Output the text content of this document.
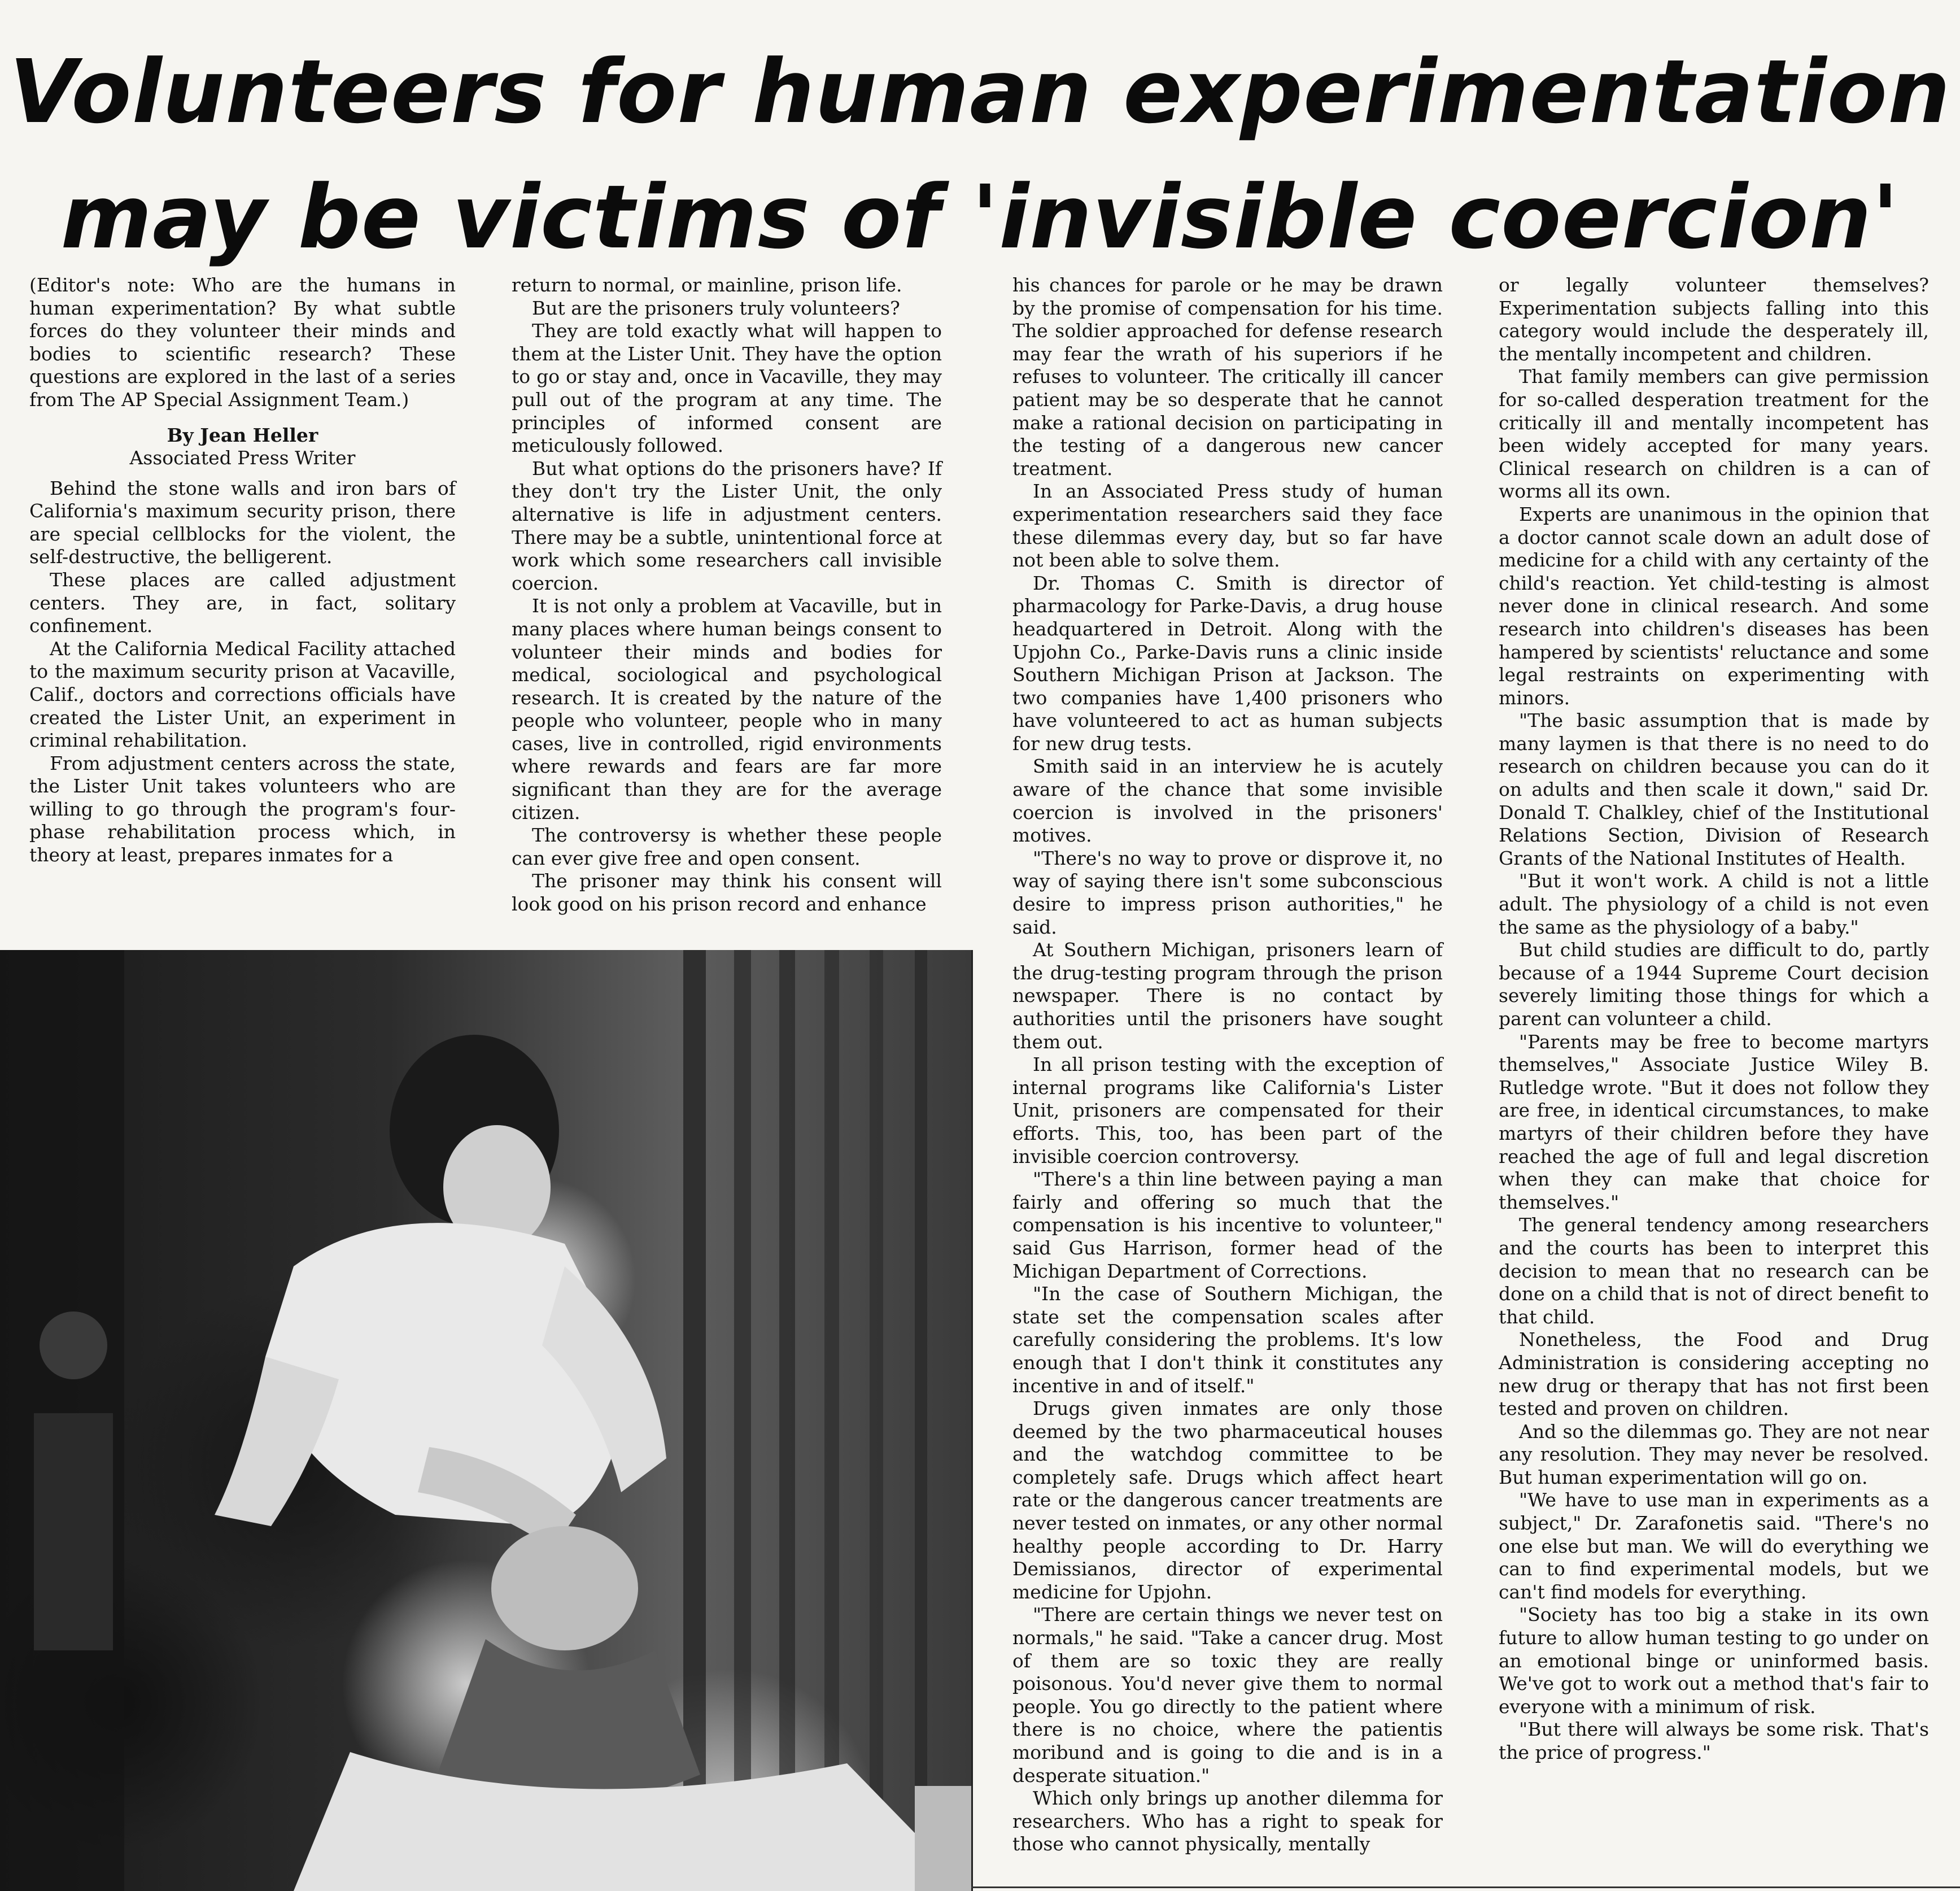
Volunteers for human experimentation
may be victims of 'invisible coercion'

(Editor's note: Who are the humans in human experimentation? By what subtle forces do they volunteer their minds and bodies to scientific research? These questions are explored in the last of a series from The AP Special Assignment Team.)

By Jean Heller
Associated Press Writer

Behind the stone walls and iron bars of California's maximum security prison, there are special cellblocks for the violent, the self-destructive, the belligerent.

These places are called adjustment centers. They are, in fact, solitary confinement.

At the California Medical Facility attached to the maximum security prison at Vacaville, Calif., doctors and corrections officials have created the Lister Unit, an experiment in criminal rehabilitation.

From adjustment centers across the state, the Lister Unit takes volunteers who are willing to go through the program's four-phase rehabilitation process which, in theory at least, prepares inmates for a

return to normal, or mainline, prison life.

But are the prisoners truly volunteers?

They are told exactly what will happen to them at the Lister Unit. They have the option to go or stay and, once in Vacaville, they may pull out of the program at any time. The principles of informed consent are meticulously followed.

But what options do the prisoners have? If they don't try the Lister Unit, the only alternative is life in adjustment centers. There may be a subtle, unintentional force at work which some researchers call invisible coercion.

It is not only a problem at Vacaville, but in many places where human beings consent to volunteer their minds and bodies for medical, sociological and psychological research. It is created by the nature of the people who volunteer, people who in many cases, live in controlled, rigid environments where rewards and fears are far more significant than they are for the average citizen.

The controversy is whether these people can ever give free and open consent.

The prisoner may think his consent will look good on his prison record and enhance

his chances for parole or he may be drawn by the promise of compensation for his time. The soldier approached for defense research may fear the wrath of his superiors if he refuses to volunteer. The critically ill cancer patient may be so desperate that he cannot make a rational decision on participating in the testing of a dangerous new cancer treatment.

In an Associated Press study of human experimentation researchers said they face these dilemmas every day, but so far have not been able to solve them.

Dr. Thomas C. Smith is director of pharmacology for Parke-Davis, a drug house headquartered in Detroit. Along with the Upjohn Co., Parke-Davis runs a clinic inside Southern Michigan Prison at Jackson. The two companies have 1,400 prisoners who have volunteered to act as human subjects for new drug tests.

Smith said in an interview he is acutely aware of the chance that some invisible coercion is involved in the prisoners' motives.

"There's no way to prove or disprove it, no way of saying there isn't some subconscious desire to impress prison authorities," he said.

At Southern Michigan, prisoners learn of the drug-testing program through the prison newspaper. There is no contact by authorities until the prisoners have sought them out.

In all prison testing with the exception of internal programs like California's Lister Unit, prisoners are compensated for their efforts. This, too, has been part of the invisible coercion controversy.

"There's a thin line between paying a man fairly and offering so much that the compensation is his incentive to volunteer," said Gus Harrison, former head of the Michigan Department of Corrections.

"In the case of Southern Michigan, the state set the compensation scales after carefully considering the problems. It's low enough that I don't think it constitutes any incentive in and of itself."

Drugs given inmates are only those deemed by the two pharmaceutical houses and the watchdog committee to be completely safe. Drugs which affect heart rate or the dangerous cancer treatments are never tested on inmates, or any other normal healthy people according to Dr. Harry Demissianos, director of experimental medicine for Upjohn.

"There are certain things we never test on normals," he said. "Take a cancer drug. Most of them are so toxic they are really poisonous. You'd never give them to normal people. You go directly to the patient where there is no choice, where the patientis moribund and is going to die and is in a desperate situation."

Which only brings up another dilemma for researchers. Who has a right to speak for those who cannot physically, mentally

or legally volunteer themselves? Experimentation subjects falling into this category would include the desperately ill, the mentally incompetent and children.

That family members can give permission for so-called desperation treatment for the critically ill and mentally incompetent has been widely accepted for many years. Clinical research on children is a can of worms all its own.

Experts are unanimous in the opinion that a doctor cannot scale down an adult dose of medicine for a child with any certainty of the child's reaction. Yet child-testing is almost never done in clinical research. And some research into children's diseases has been hampered by scientists' reluctance and some legal restraints on experimenting with minors.

"The basic assumption that is made by many laymen is that there is no need to do research on children because you can do it on adults and then scale it down," said Dr. Donald T. Chalkley, chief of the Institutional Relations Section, Division of Research Grants of the National Institutes of Health.

"But it won't work. A child is not a little adult. The physiology of a child is not even the same as the physiology of a baby."

But child studies are difficult to do, partly because of a 1944 Supreme Court decision severely limiting those things for which a parent can volunteer a child.

"Parents may be free to become martyrs themselves," Associate Justice Wiley B. Rutledge wrote. "But it does not follow they are free, in identical circumstances, to make martyrs of their children before they have reached the age of full and legal discretion when they can make that choice for themselves."

The general tendency among researchers and the courts has been to interpret this decision to mean that no research can be done on a child that is not of direct benefit to that child.

Nonetheless, the Food and Drug Administration is considering accepting no new drug or therapy that has not first been tested and proven on children.

And so the dilemmas go. They are not near any resolution. They may never be resolved. But human experimentation will go on.

"We have to use man in experiments as a subject," Dr. Zarafonetis said. "There's no one else but man. We will do everything we can to find experimental models, but we can't find models for everything.

"Society has too big a stake in its own future to allow human testing to go under on an emotional binge or uninformed basis. We've got to work out a method that's fair to everyone with a minimum of risk.

"But there will always be some risk. That's the price of progress."
